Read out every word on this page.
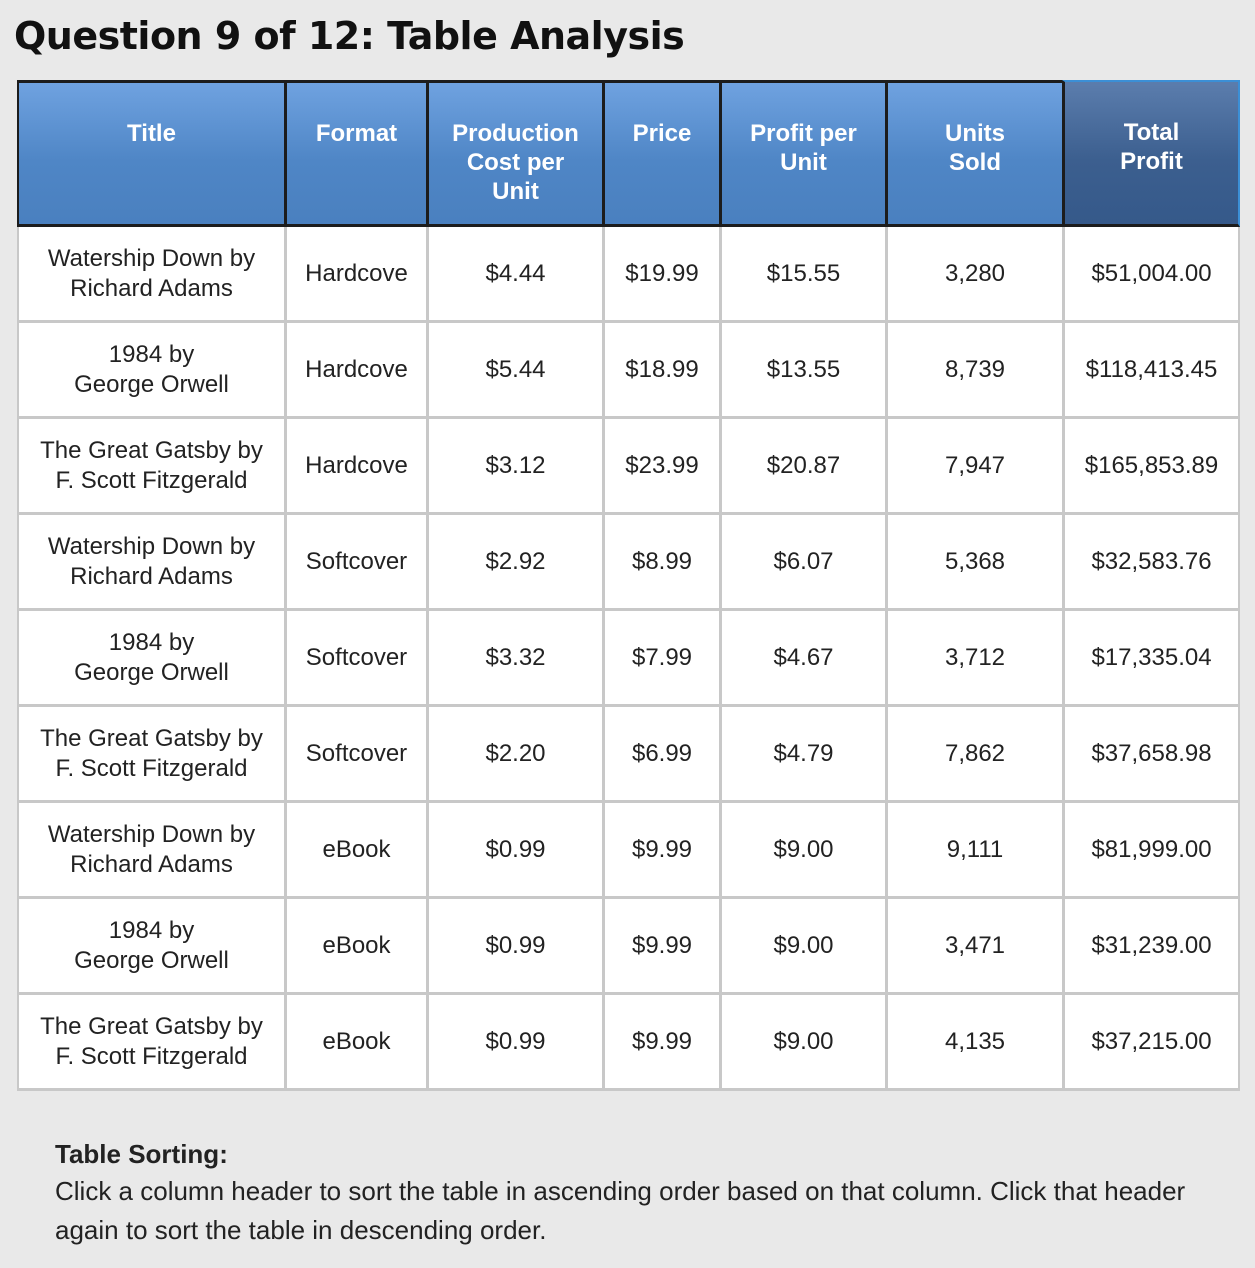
Question 9 of 12: Table Analysis
Title	Format	Production Cost per Unit	Price	Profit per Unit	Units Sold	Total Profit

Watership Down by
Richard Adams	Hardcove	$4.44	$19.99	$15.55	3,280	$51,004.00

1984 by
George Orwell	Hardcove	$5.44	$18.99	$13.55	8,739	$118,413.45

The Great Gatsby by
F. Scott Fitzgerald	Hardcove	$3.12	$23.99	$20.87	7,947	$165,853.89

Watership Down by
Richard Adams	Softcover	$2.92	$8.99	$6.07	5,368	$32,583.76

1984 by
George Orwell	Softcover	$3.32	$7.99	$4.67	3,712	$17,335.04

The Great Gatsby by
F. Scott Fitzgerald	Softcover	$2.20	$6.99	$4.79	7,862	$37,658.98

Watership Down by
Richard Adams	eBook	$0.99	$9.99	$9.00	9,111	$81,999.00

1984 by
George Orwell	eBook	$0.99	$9.99	$9.00	3,471	$31,239.00

The Great Gatsby by
F. Scott Fitzgerald	eBook	$0.99	$9.99	$9.00	4,135	$37,215.00
Table Sorting:

Click a column header to sort the table in ascending order based on that column. Click that header again to sort the table in descending order.
